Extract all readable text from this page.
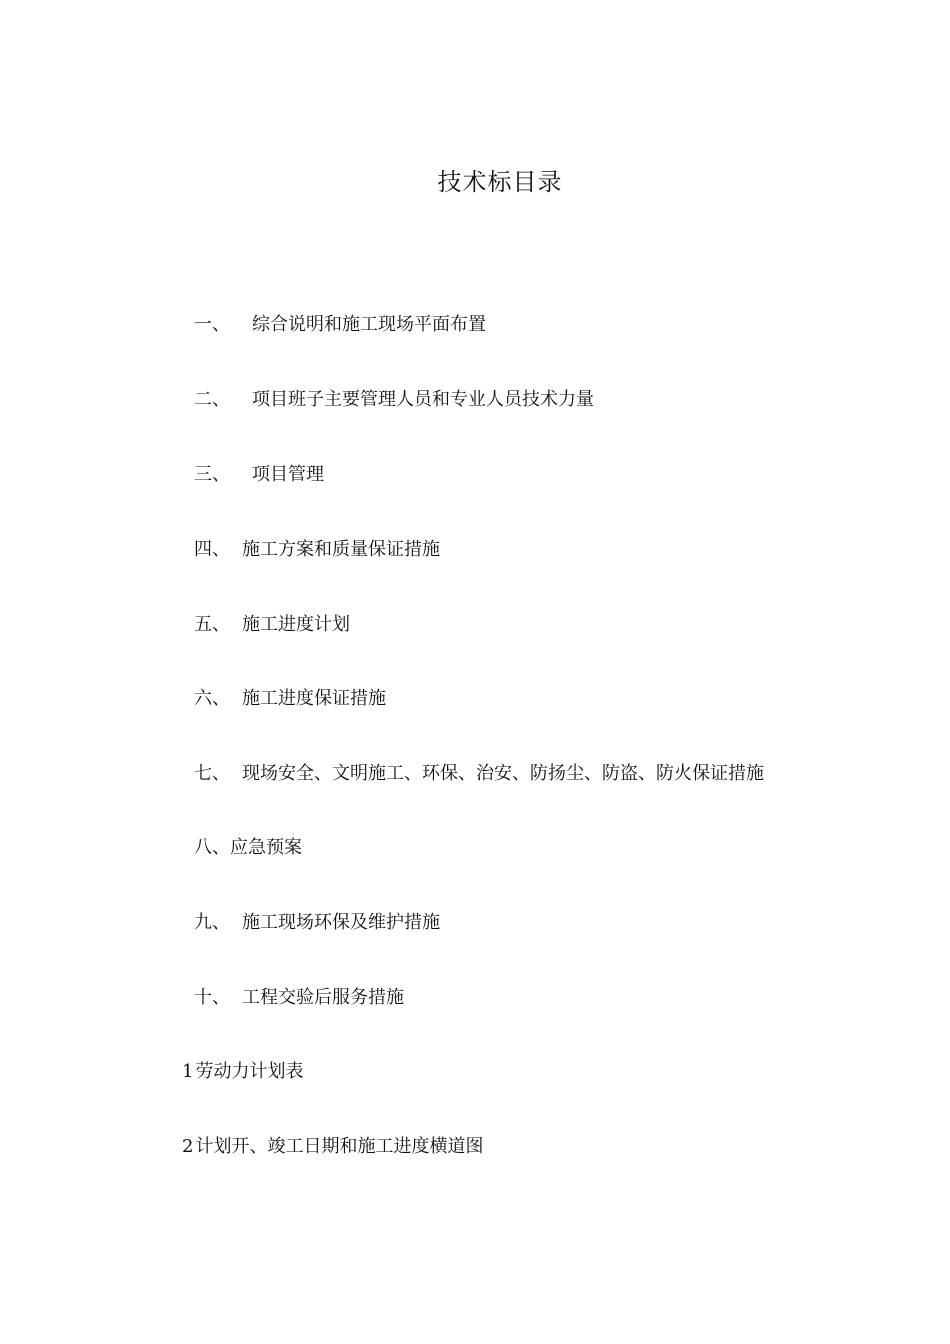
技术标目录
一、 综合说明和施工现场平面布置
二、 项目班子主要管理人员和专业人员技术力量
三、 项目管理
四、 施工方案和质量保证措施
五、 施工进度计划
六、 施工进度保证措施
七、 现场安全、文明施工、环保、治安、防扬尘、防盗、防火保证措施
八、应急预案
九、 施工现场环保及维护措施
十、 工程交验后服务措施
1 劳动力计划表
2 计划开、竣工日期和施工进度横道图
